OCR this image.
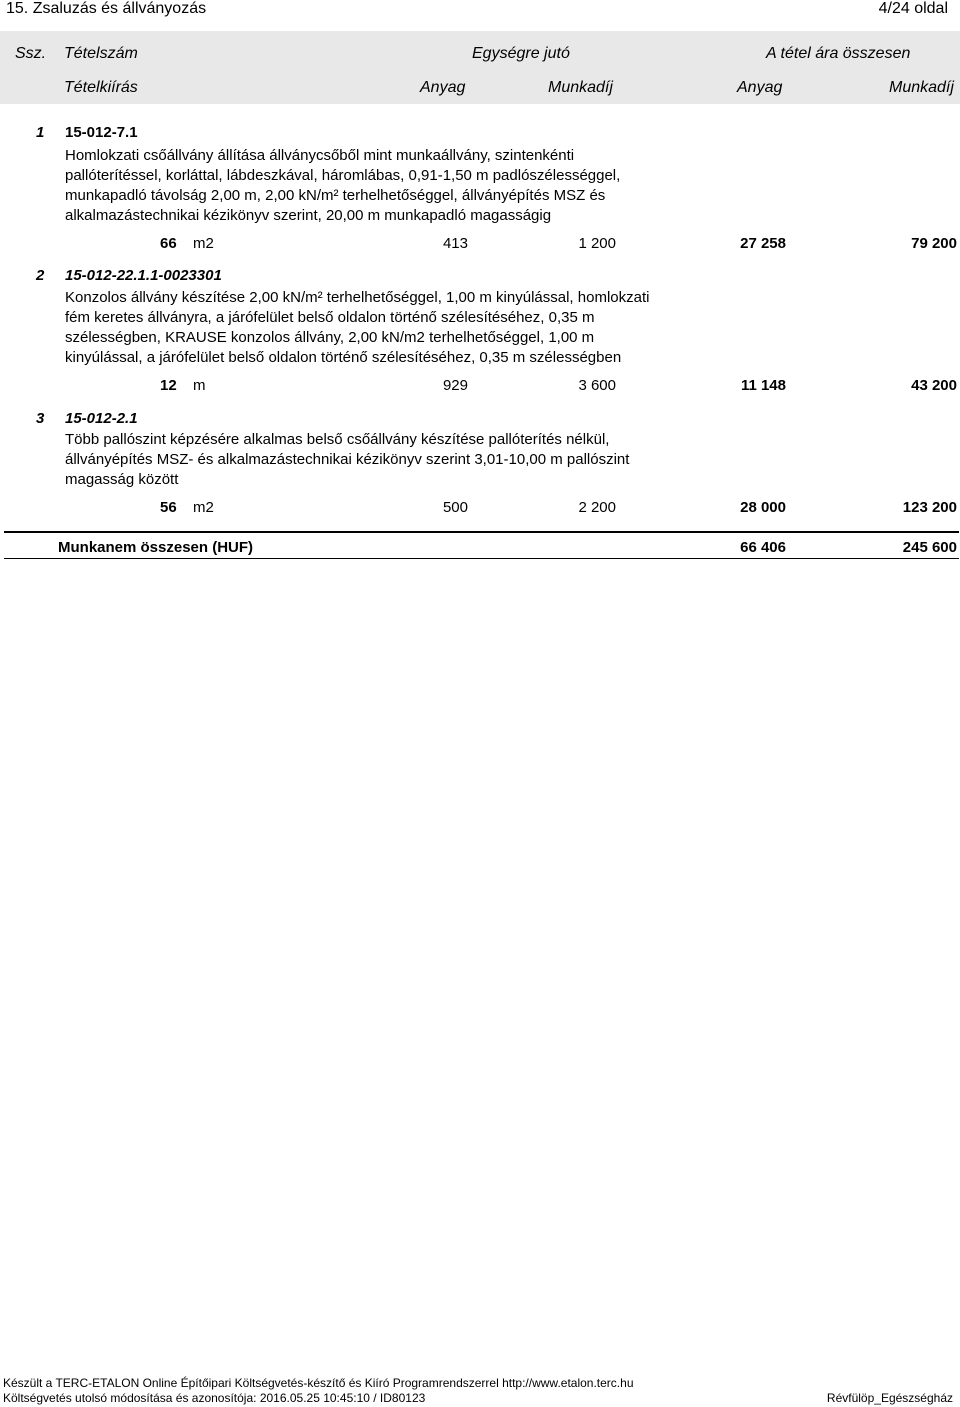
15. Zsaluzás és állványozás	4/24 oldal
Ssz. Tételszám	Egységre jutó	A tétel ára összesen
Tételkiírás	Anyag	Munkadíj	Anyag	Munkadíj
1 15-012-7.1
Homlokzati csőállvány állítása állványcsőből mint munkaállvány, szintenkénti
pallóterítéssel, korláttal, lábdeszkával, háromlábas, 0,91-1,50 m padlószélességgel,
munkapadló távolság 2,00 m, 2,00 kN/m² terhelhetőséggel, állványépítés MSZ és
alkalmazástechnikai kézikönyv szerint, 20,00 m munkapadló magasságig
66 m2	413	1 200	27 258	79 200
2 15-012-22.1.1-0023301
Konzolos állvány készítése 2,00 kN/m² terhelhetőséggel, 1,00 m kinyúlással, homlokzati
fém keretes állványra, a járófelület belső oldalon történő szélesítéséhez, 0,35 m
szélességben, KRAUSE konzolos állvány, 2,00 kN/m2 terhelhetőséggel, 1,00 m
kinyúlással, a járófelület belső oldalon történő szélesítéséhez, 0,35 m szélességben
12 m	929	3 600	11 148	43 200
3 15-012-2.1
Több pallószint képzésére alkalmas belső csőállvány készítése pallóterítés nélkül,
állványépítés MSZ- és alkalmazástechnikai kézikönyv szerint 3,01-10,00 m pallószint
magasság között
56 m2	500	2 200	28 000	123 200
Munkanem összesen (HUF)	66 406	245 600
Készült a TERC-ETALON Online Építőipari Költségvetés-készítő és Kiíró Programrendszerrel http://www.etalon.terc.hu
Költségvetés utolsó módosítása és azonosítója: 2016.05.25 10:45:10 / ID80123	Révfülöp_Egészségház
